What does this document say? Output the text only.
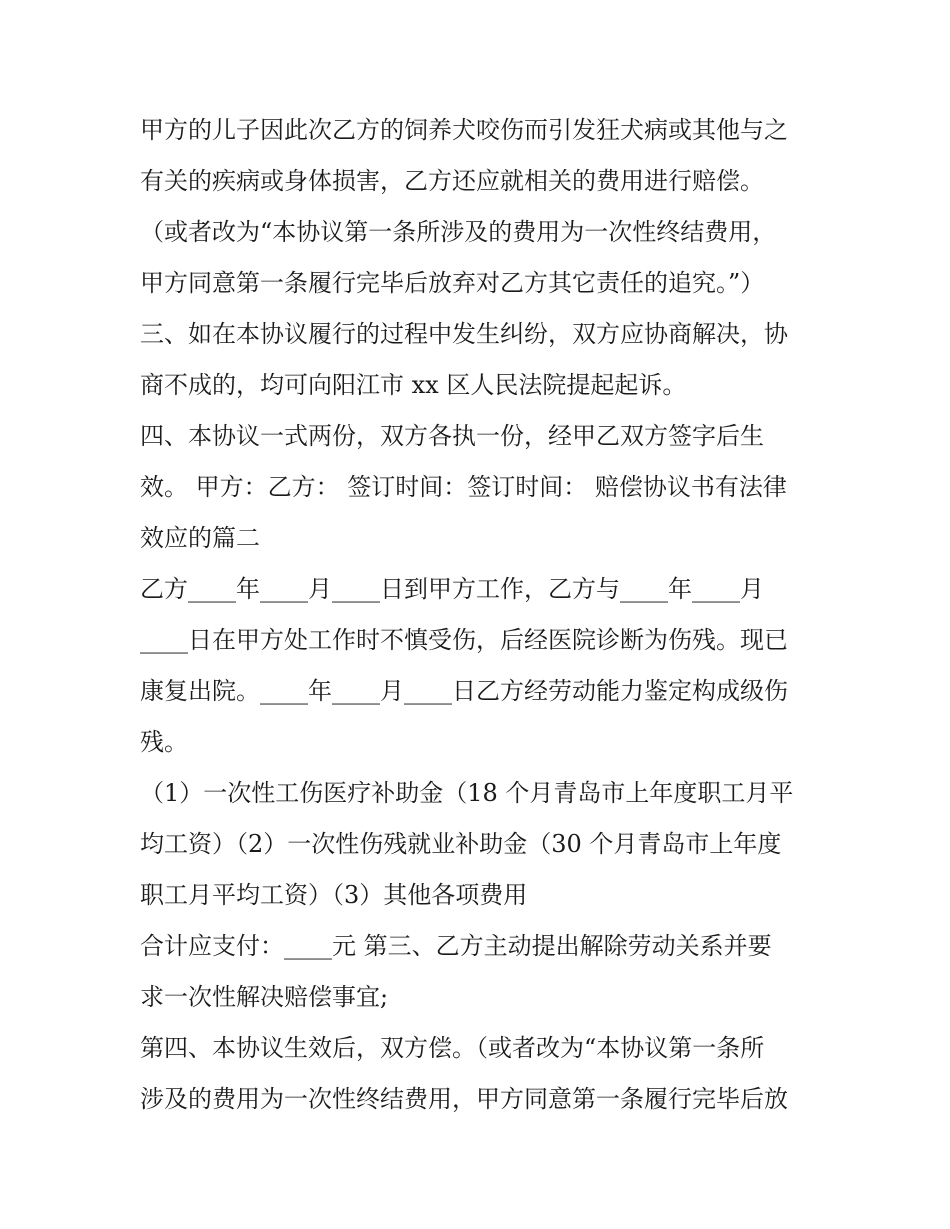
甲方的儿子因此次乙方的饲养犬咬伤而引发狂犬病或其他与之
有关的疾病或身体损害，乙方还应就相关的费用进行赔偿。
（或者改为“本协议第一条所涉及的费用为一次性终结费用，
甲方同意第一条履行完毕后放弃对乙方其它责任的追究。”）
三、如在本协议履行的过程中发生纠纷，双方应协商解决，协
商不成的，均可向阳江市 xx 区人民法院提起起诉。
四、本协议一式两份，双方各执一份，经甲乙双方签字后生
效。 甲方：乙方： 签订时间：签订时间： 赔偿协议书有法律
效应的篇二
乙方____年____月____日到甲方工作，乙方与____年____月
____日在甲方处工作时不慎受伤，后经医院诊断为伤残。现已
康复出院。____年____月____日乙方经劳动能力鉴定构成级伤
残。
（1）一次性工伤医疗补助金（18 个月青岛市上年度职工月平
均工资）（2）一次性伤残就业补助金（30 个月青岛市上年度
职工月平均工资）（3）其他各项费用
合计应支付：____元 第三、乙方主动提出解除劳动关系并要
求一次性解决赔偿事宜;
第四、本协议生效后，双方偿。（或者改为“本协议第一条所
涉及的费用为一次性终结费用，甲方同意第一条履行完毕后放
